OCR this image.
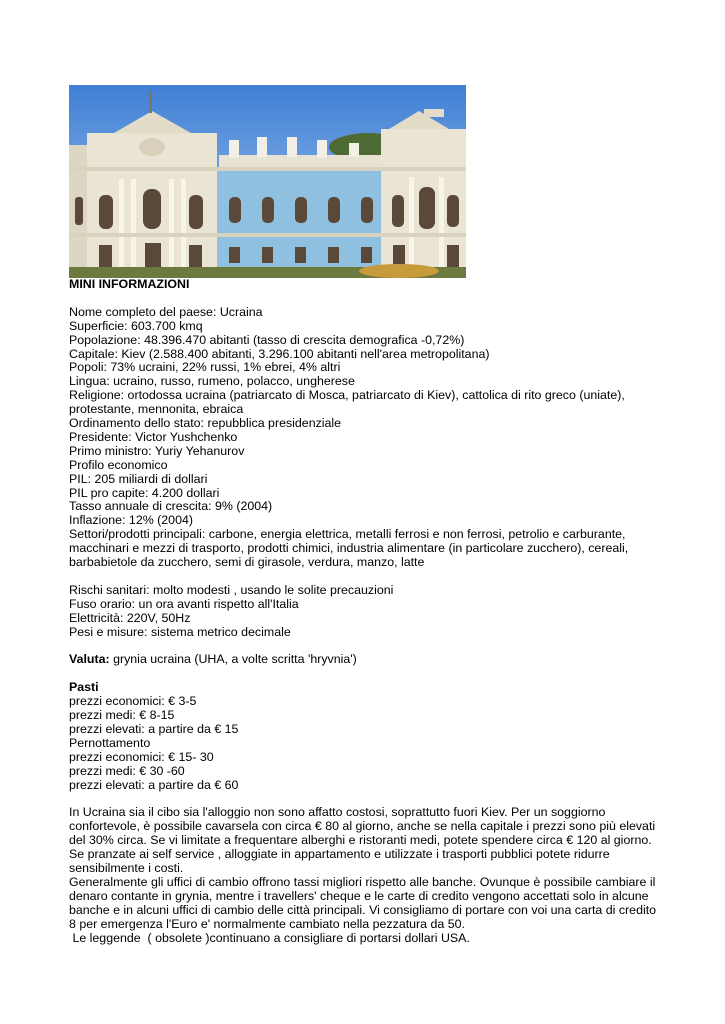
MINI INFORMAZIONI
Nome completo del paese: Ucraina
Superficie: 603.700 kmq
Popolazione: 48.396.470 abitanti (tasso di crescita demografica -0,72%)
Capitale: Kiev (2.588.400 abitanti, 3.296.100 abitanti nell'area metropolitana)
Popoli: 73% ucraini, 22% russi, 1% ebrei, 4% altri
Lingua: ucraino, russo, rumeno, polacco, ungherese
Religione: ortodossa ucraina (patriarcato di Mosca, patriarcato di Kiev), cattolica di rito greco (uniate),
protestante, mennonita, ebraica
Ordinamento dello stato: repubblica presidenziale
Presidente: Victor Yushchenko
Primo ministro: Yuriy Yehanurov
Profilo economico
PIL: 205 miliardi di dollari
PIL pro capite: 4.200 dollari
Tasso annuale di crescita: 9% (2004)
Inflazione: 12% (2004)
Settori/prodotti principali: carbone, energia elettrica, metalli ferrosi e non ferrosi, petrolio e carburante,
macchinari e mezzi di trasporto, prodotti chimici, industria alimentare (in particolare zucchero), cereali,
barbabietole da zucchero, semi di girasole, verdura, manzo, latte
Rischi sanitari: molto modesti , usando le solite precauzioni
Fuso orario: un ora avanti rispetto all'Italia
Elettricità: 220V, 50Hz
Pesi e misure: sistema metrico decimale
Valuta: grynia ucraina (UHA, a volte scritta 'hryvnia')
Pasti
prezzi economici: € 3-5
prezzi medi: € 8-15
prezzi elevati: a partire da € 15
Pernottamento
prezzi economici: € 15- 30
prezzi medi: € 30 -60
prezzi elevati: a partire da € 60
In Ucraina sia il cibo sia l'alloggio non sono affatto costosi, soprattutto fuori Kiev. Per un soggiorno
confortevole, è possibile cavarsela con circa € 80 al giorno, anche se nella capitale i prezzi sono più elevati
del 30% circa. Se vi limitate a frequentare alberghi e ristoranti medi, potete spendere circa € 120 al giorno.
Se pranzate ai self service , alloggiate in appartamento e utilizzate i trasporti pubblici potete ridurre
sensibilmente i costi.
Generalmente gli uffici di cambio offrono tassi migliori rispetto alle banche. Ovunque è possibile cambiare il
denaro contante in grynia, mentre i travellers' cheque e le carte di credito vengono accettati solo in alcune
banche e in alcuni uffici di cambio delle città principali. Vi consigliamo di portare con voi una carta di credito
8 per emergenza l'Euro e' normalmente cambiato nella pezzatura da 50.
Le leggende  ( obsolete )continuano a consigliare di portarsi dollari USA.
